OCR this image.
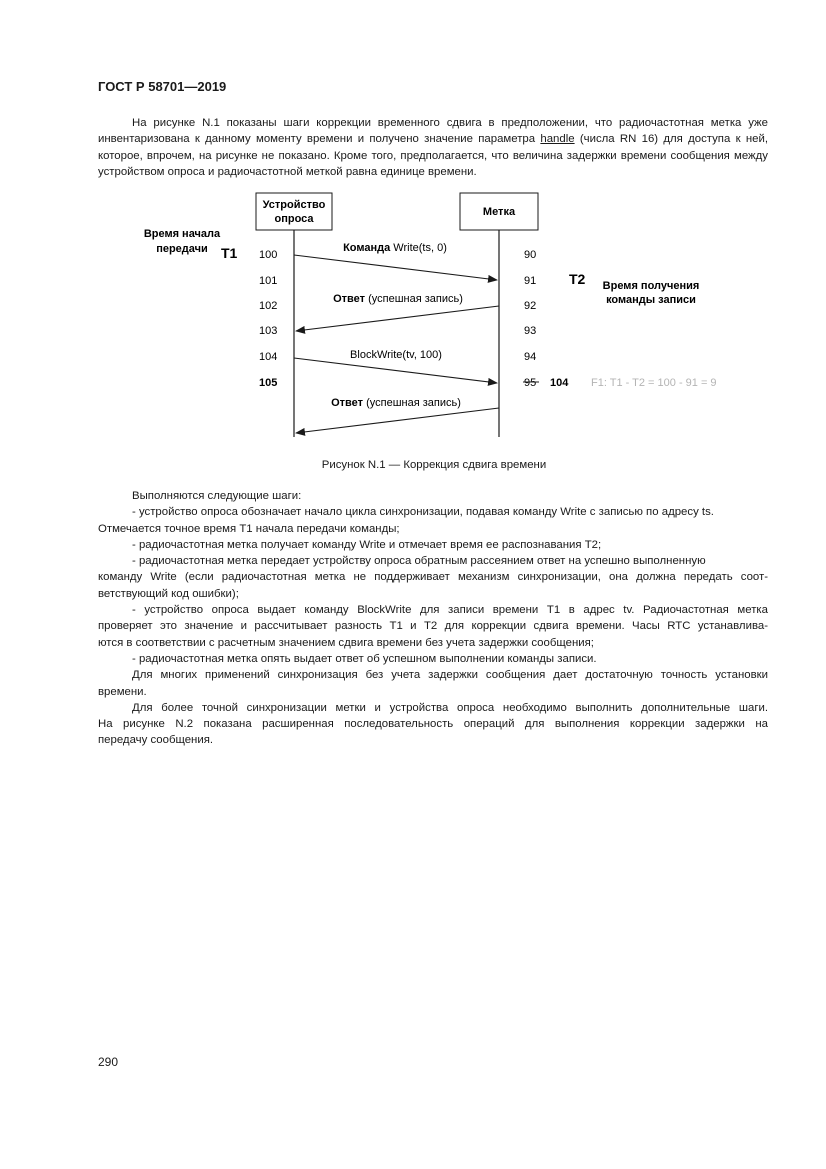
ГОСТ Р 58701—2019
На рисунке N.1 показаны шаги коррекции временного сдвига в предположении, что радиочастотная метка уже инвентаризована к данному моменту времени и получено значение параметра handle (числа RN 16) для доступа к ней, которое, впрочем, на рисунке не показано. Кроме того, предполагается, что величина задержки времени сообщения между устройством опроса и радиочастотной меткой равна единице времени.
Устройство
опроса
Метка
Время начала
передачи T1
T2 Время получения
команды записи
100
101
102
103
104
105
90
91
92
93
94
95 104 F1: T1 - T2 = 100 - 91 = 9
Команда Write(ts, 0)
Ответ (успешная запись)
BlockWrite(tv, 100)
Ответ (успешная запись)
Рисунок N.1 — Коррекция сдвига времени
Выполняются следующие шаги:
- устройство опроса обозначает начало цикла синхронизации, подавая команду Write с записью по адресу ts.
Отмечается точное время T1 начала передачи команды;
- радиочастотная метка получает команду Write и отмечает время ее распознавания T2;
- радиочастотная метка передает устройству опроса обратным рассеянием ответ на успешно выполненную
команду Write (если радиочастотная метка не поддерживает механизм синхронизации, она должна передать соот-
ветствующий код ошибки);
- устройство опроса выдает команду BlockWrite для записи времени T1 в адрес tv. Радиочастотная метка
проверяет это значение и рассчитывает разность T1 и T2 для коррекции сдвига времени. Часы RTC устанавлива-
ются в соответствии с расчетным значением сдвига времени без учета задержки сообщения;
- радиочастотная метка опять выдает ответ об успешном выполнении команды записи.
Для многих применений синхронизация без учета задержки сообщения дает достаточную точность установки
времени.
Для более точной синхронизации метки и устройства опроса необходимо выполнить дополнительные шаги.
На рисунке N.2 показана расширенная последовательность операций для выполнения коррекции задержки на
передачу сообщения.
290
